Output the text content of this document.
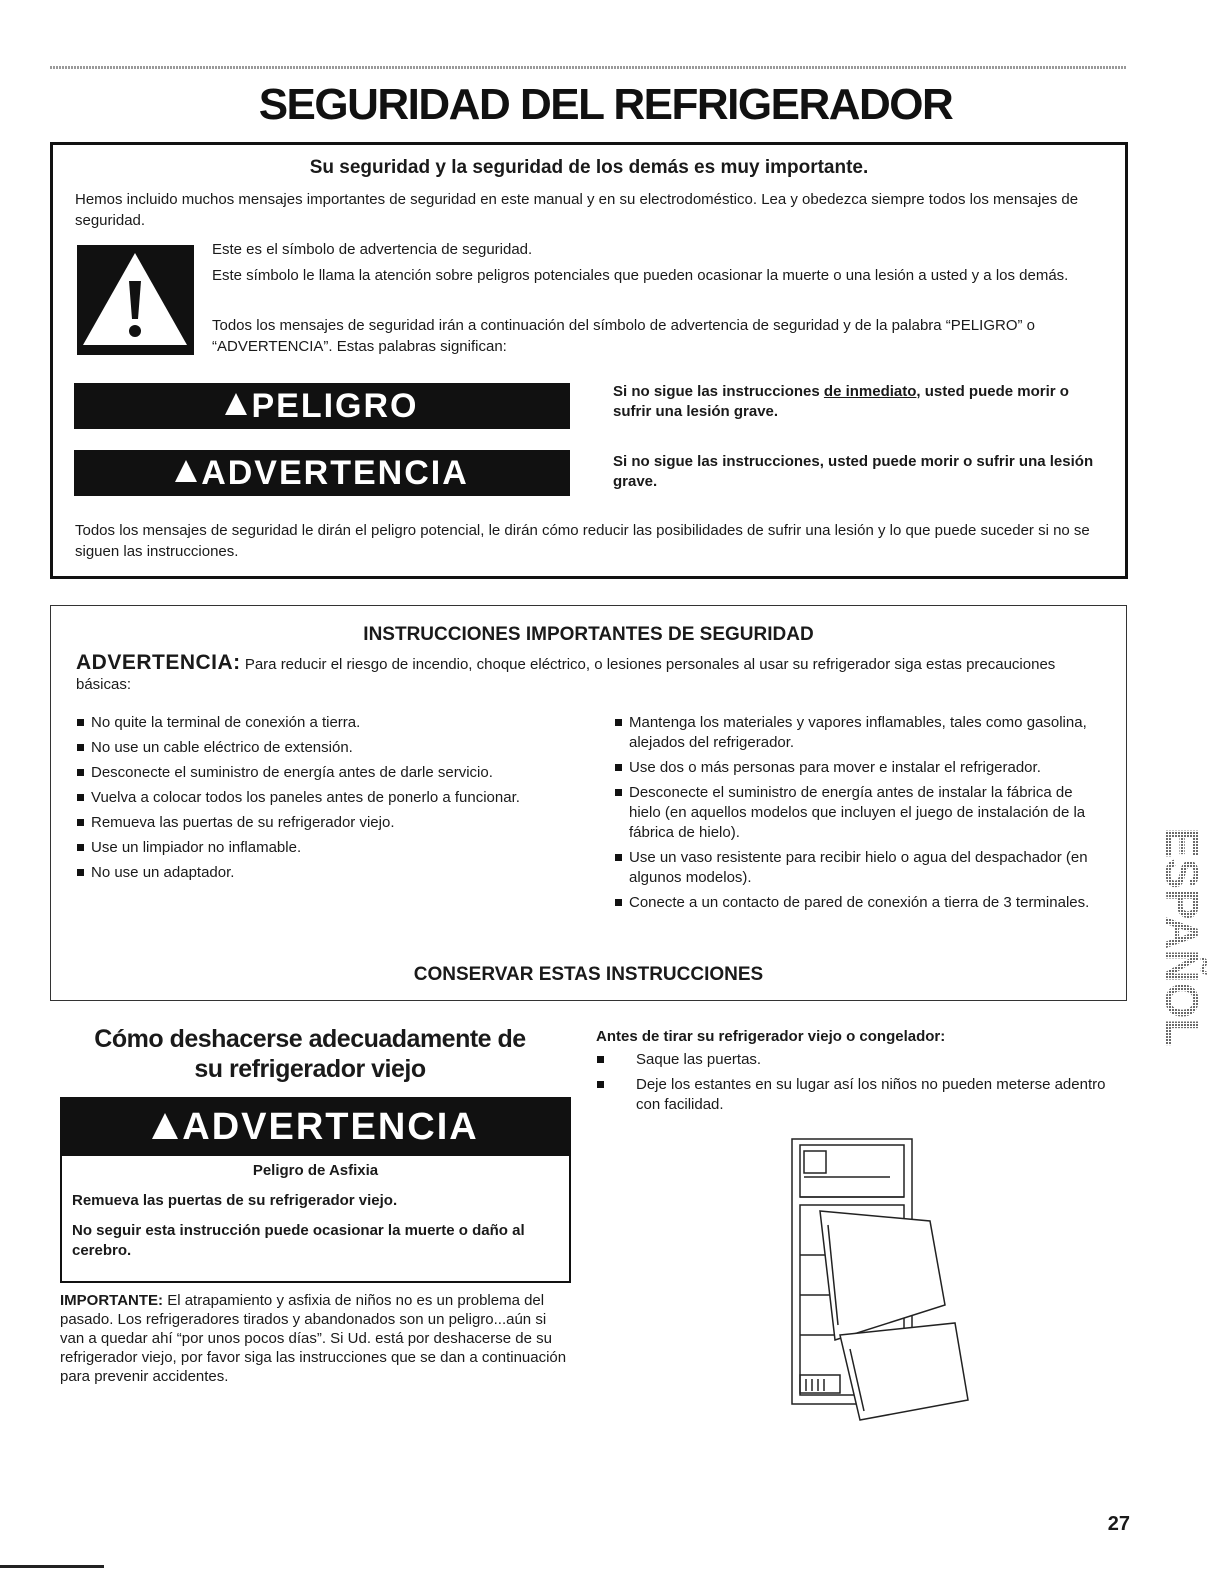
SEGURIDAD DEL REFRIGERADOR
Su seguridad y la seguridad de los demás es muy importante.
Hemos incluido muchos mensajes importantes de seguridad en este manual y en su electrodoméstico. Lea y obedezca siempre todos los mensajes de seguridad.
Este es el símbolo de advertencia de seguridad.
Este símbolo le llama la atención sobre peligros potenciales que pueden ocasionar la muerte o una lesión a usted y a los demás.
Todos los mensajes de seguridad irán a continuación del símbolo de advertencia de seguridad y de la palabra “PELIGRO” o “ADVERTENCIA”. Estas palabras significan:
PELIGRO	Si no sigue las instrucciones de inmediato, usted puede morir o sufrir una lesión grave.
ADVERTENCIA	Si no sigue las instrucciones, usted puede morir o sufrir una lesión grave.
Todos los mensajes de seguridad le dirán el peligro potencial, le dirán cómo reducir las posibilidades de sufrir una lesión y lo que puede suceder si no se siguen las instrucciones.
INSTRUCCIONES IMPORTANTES DE SEGURIDAD
ADVERTENCIA: Para reducir el riesgo de incendio, choque eléctrico, o lesiones personales al usar su refrigerador siga estas precauciones básicas:
No quite la terminal de conexión a tierra.
No use un cable eléctrico de extensión.
Desconecte el suministro de energía antes de darle servicio.
Vuelva a colocar todos los paneles antes de ponerlo a funcionar.
Remueva las puertas de su refrigerador viejo.
Use un limpiador no inflamable.
No use un adaptador.
Mantenga los materiales y vapores inflamables, tales como gasolina, alejados del refrigerador.
Use dos o más personas para mover e instalar el refrigerador.
Desconecte el suministro de energía antes de instalar la fábrica de hielo (en aquellos modelos que incluyen el juego de instalación de la fábrica de hielo).
Use un vaso resistente para recibir hielo o agua del despachador (en algunos modelos).
Conecte a un contacto de pared de conexión a tierra de 3 terminales.
CONSERVAR ESTAS INSTRUCCIONES
Cómo deshacerse adecuadamente de
su refrigerador viejo
ADVERTENCIA
Peligro de Asfixia
Remueva las puertas de su refrigerador viejo.
No seguir esta instrucción puede ocasionar la muerte o daño al cerebro.
IMPORTANTE: El atrapamiento y asfixia de niños no es un problema del pasado. Los refrigeradores tirados y abandonados son un peligro...aún si van a quedar ahí “por unos pocos días”. Si Ud. está por deshacerse de su refrigerador viejo, por favor siga las instrucciones que se dan a continuación para prevenir accidentes.
Antes de tirar su refrigerador viejo o congelador:
Saque las puertas.
Deje los estantes en su lugar así los niños no pueden meterse adentro con facilidad.
ESPAÑOL
27
